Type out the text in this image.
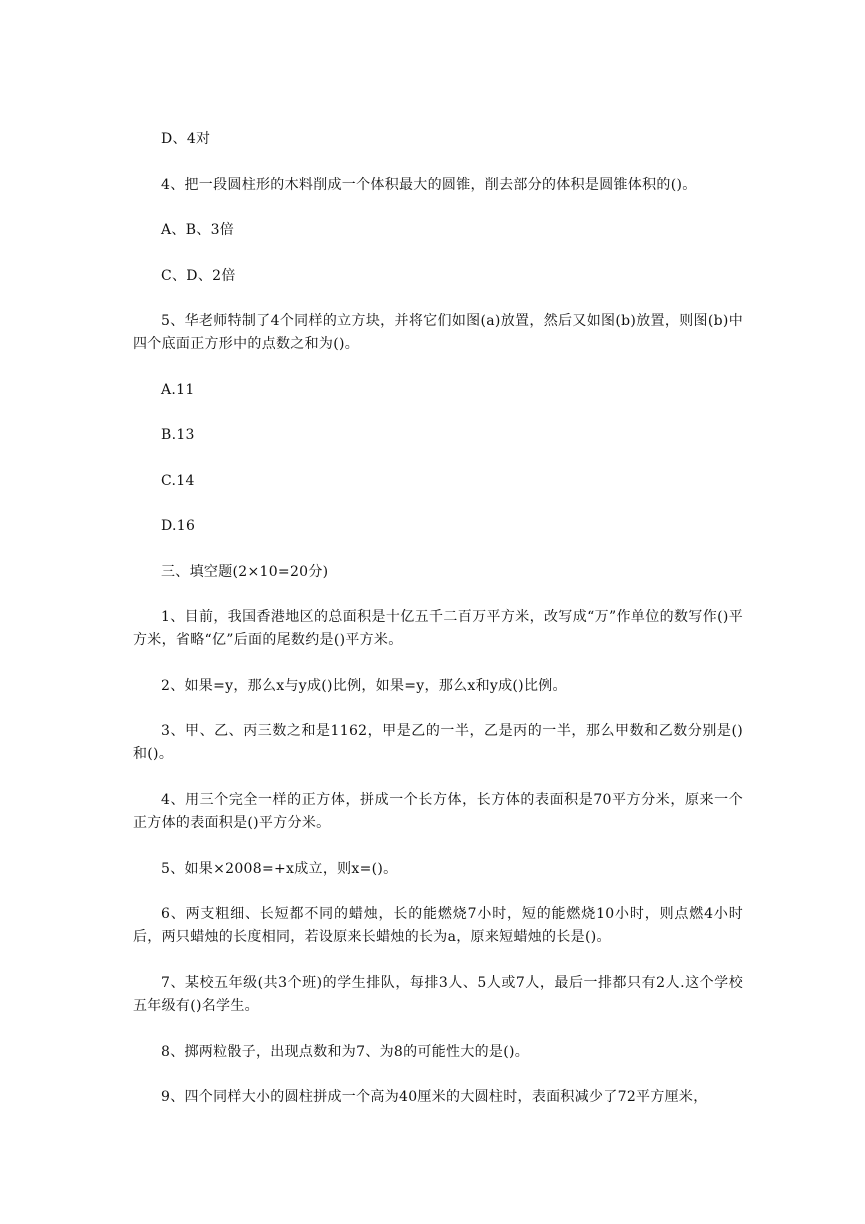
D、4对

4、把一段圆柱形的木料削成一个体积最大的圆锥，削去部分的体积是圆锥体积的()。

A、B、3倍

C、D、2倍

5、华老师特制了4个同样的立方块，并将它们如图(a)放置，然后又如图(b)放置，则图(b)中四个底面正方形中的点数之和为()。

A.11

B.13

C.14

D.16

三、填空题(2×10=20分)

1、目前，我国香港地区的总面积是十亿五千二百万平方米，改写成“万”作单位的数写作()平方米，省略“亿”后面的尾数约是()平方米。

2、如果=y，那么x与y成()比例，如果=y，那么x和y成()比例。

3、甲、乙、丙三数之和是1162，甲是乙的一半，乙是丙的一半，那么甲数和乙数分别是()和()。

4、用三个完全一样的正方体，拼成一个长方体，长方体的表面积是70平方分米，原来一个正方体的表面积是()平方分米。

5、如果×2008=+x成立，则x=()。

6、两支粗细、长短都不同的蜡烛，长的能燃烧7小时，短的能燃烧10小时，则点燃4小时后，两只蜡烛的长度相同，若设原来长蜡烛的长为a，原来短蜡烛的长是()。

7、某校五年级(共3个班)的学生排队，每排3人、5人或7人，最后一排都只有2人.这个学校五年级有()名学生。

8、掷两粒骰子，出现点数和为7、为8的可能性大的是()。

9、四个同样大小的圆柱拼成一个高为40厘米的大圆柱时，表面积减少了72平方厘米，
